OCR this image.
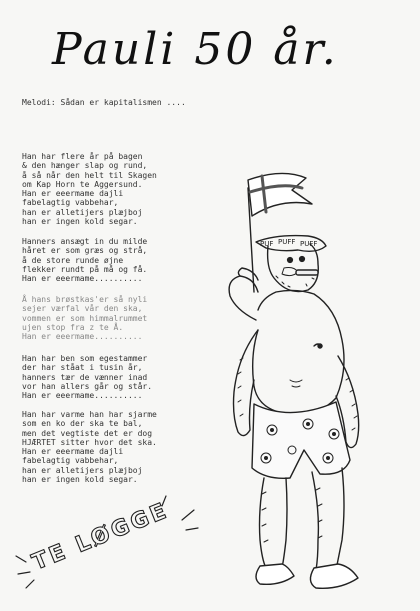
Pauli 50 år.
Melodi: Sådan er kapitalismen ....
Han har flere år på bagen
& den hænger slap og rund,
å så når den helt til Skagen
om Kap Horn te Aggersund.
Han er eeermame dajli
fabelagtig vabbehar,
han er alletijers plæjboj
han er ingen kold segar.
Hanners ansægt in du milde
håret er som græs og strå,
å de store runde øjne
flekker rundt på må og få.
Han er eeermame..........
Å hans brøstkas'er så nyli
sejer værfal vår den ska,
vommen er som himmalrummet
ujen stop fra z te Å.
Han er eeermame..........
Han har ben som egestammer
der har ståat i tusin år,
hanners tær de vænner inad
vor han allers går og står.
Han er eeermame..........
Han har varme han har sjarme
som en ko der ska te bal,
men det vegtiste det er dog
HJÆRTET sitter hvor det ska.
Han er eeermame dajli
fabelagtig vabbehar,
han er alletijers plæjboj
han er ingen kold segar.
PUF PUFF PUFF
TE LØGGE
